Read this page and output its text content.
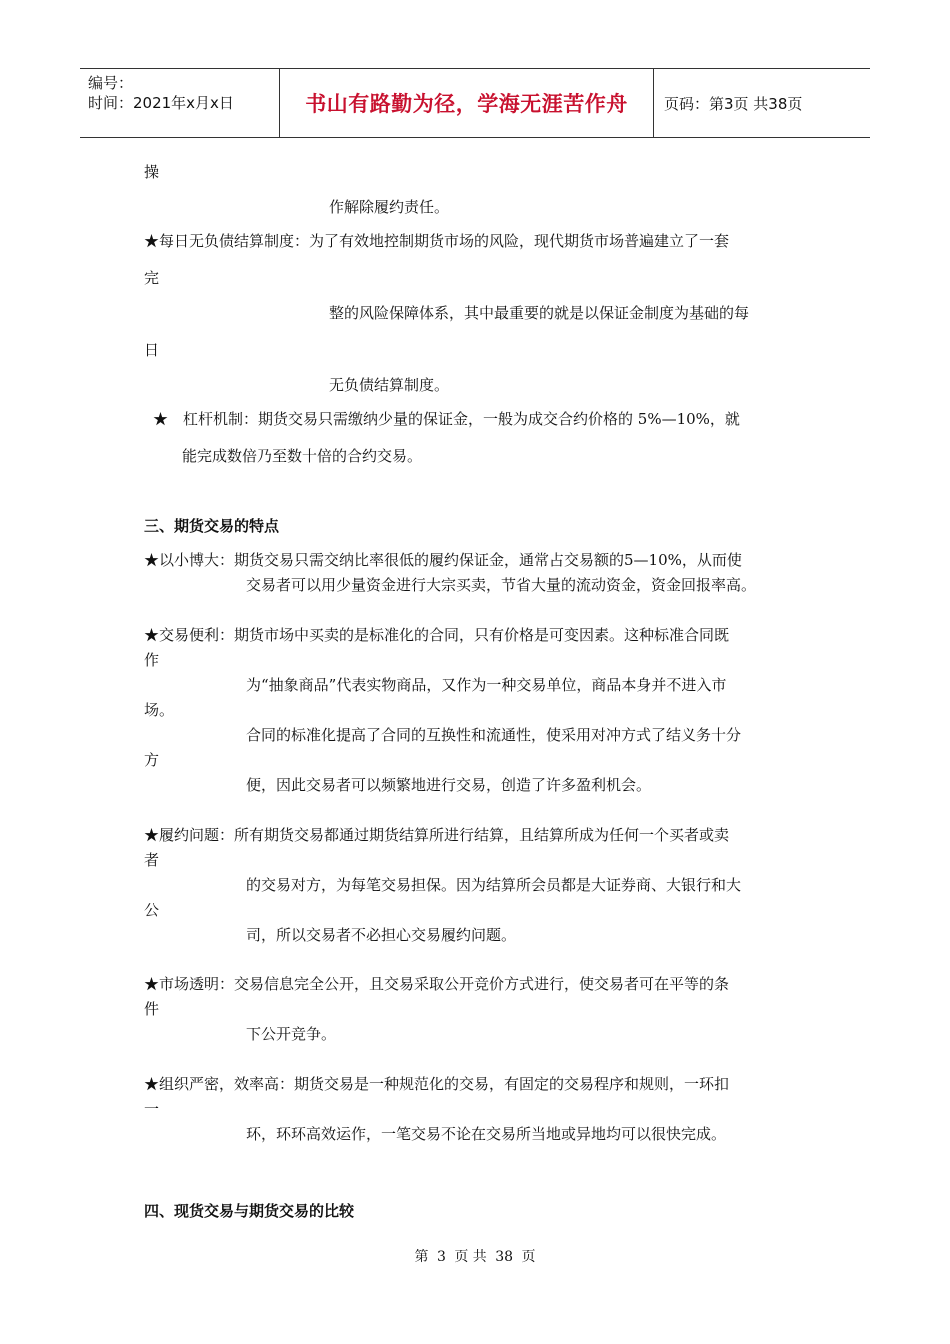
编号：
时间：2021年x月x日	书山有路勤为径，学海无涯苦作舟	页码：第3页 共38页
操
作解除履约责任。
★每日无负债结算制度：为了有效地控制期货市场的风险，现代期货市场普遍建立了一套
完
整的风险保障体系，其中最重要的就是以保证金制度为基础的每
日
无负债结算制度。
★　杠杆机制：期货交易只需缴纳少量的保证金，一般为成交合约价格的 5%—10%，就
能完成数倍乃至数十倍的合约交易。
三、期货交易的特点
★以小博大：期货交易只需交纳比率很低的履约保证金，通常占交易额的5—10%，从而使
交易者可以用少量资金进行大宗买卖，节省大量的流动资金，资金回报率高。
★交易便利：期货市场中买卖的是标准化的合同，只有价格是可变因素。这种标准合同既
作
为“抽象商品”代表实物商品，又作为一种交易单位，商品本身并不进入市
场。
合同的标准化提高了合同的互换性和流通性，使采用对冲方式了结义务十分
方
便，因此交易者可以频繁地进行交易，创造了许多盈利机会。
★履约问题：所有期货交易都通过期货结算所进行结算，且结算所成为任何一个买者或卖
者
的交易对方，为每笔交易担保。因为结算所会员都是大证券商、大银行和大
公
司，所以交易者不必担心交易履约问题。
★市场透明：交易信息完全公开，且交易采取公开竞价方式进行，使交易者可在平等的条
件
下公开竞争。
★组织严密，效率高：期货交易是一种规范化的交易，有固定的交易程序和规则，一环扣
一
环，环环高效运作，一笔交易不论在交易所当地或异地均可以很快完成。
四、现货交易与期货交易的比较
第 3 页 共 38 页
